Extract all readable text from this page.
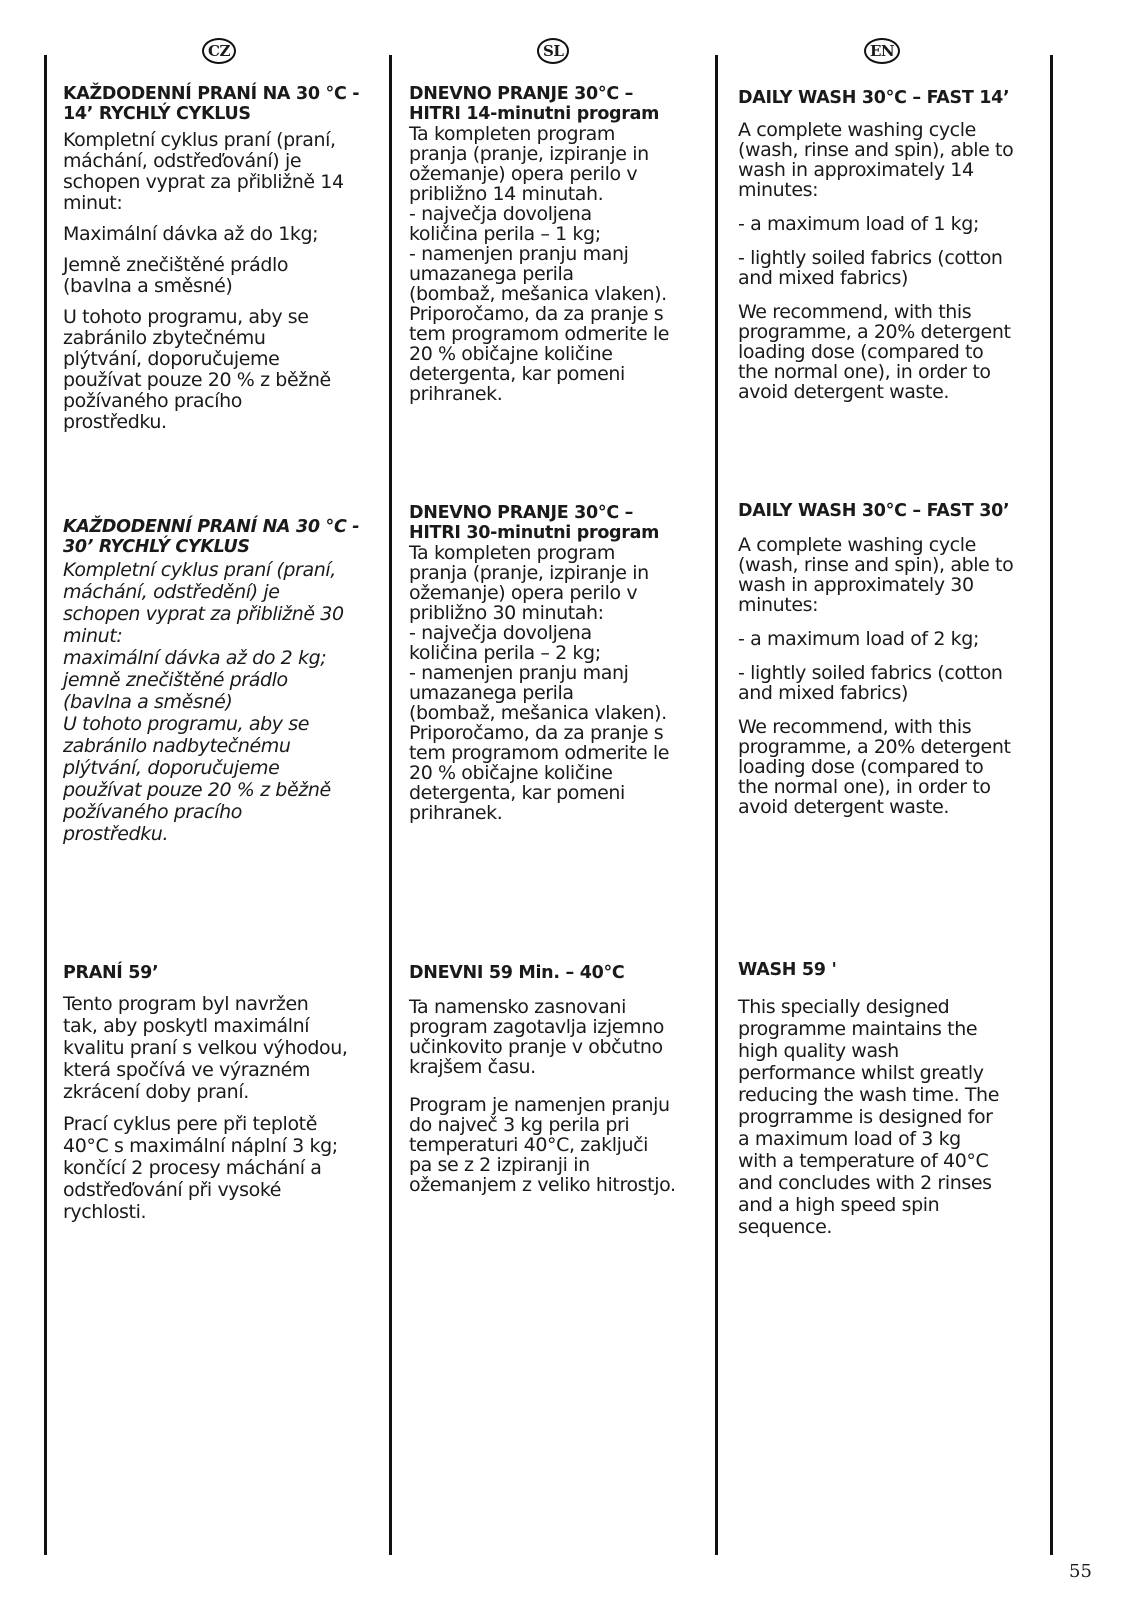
CZ	SL	EN

KAŽDODENNÍ PRANÍ NA 30 °C -
14’ RYCHLÝ CYKLUS

Kompletní cyklus praní (praní,
máchání, odstřeďování) je
schopen vyprat za přibližně 14
minut:

Maximální dávka až do 1kg;

Jemně znečištěné prádlo
(bavlna a směsné)

U tohoto programu, aby se
zabránilo zbytečnému
plýtvání, doporučujeme
používat pouze 20 % z běžně
požívaného pracího
prostředku.

KAŽDODENNÍ PRANÍ NA 30 °C -
30’ RYCHLÝ CYKLUS

Kompletní cyklus praní (praní,
máchání, odstředění) je
schopen vyprat za přibližně 30
minut:
maximální dávka až do 2 kg;
jemně znečištěné prádlo
(bavlna a směsné)
U tohoto programu, aby se
zabránilo nadbytečnému
plýtvání, doporučujeme
používat pouze 20 % z běžně
požívaného pracího
prostředku.

PRANÍ 59’

Tento program byl navržen
tak, aby poskytl maximální
kvalitu praní s velkou výhodou,
která spočívá ve výrazném
zkrácení doby praní.

Prací cyklus pere při teplotě
40°C s maximální náplní 3 kg;
končící 2 procesy máchání a
odstřeďování při vysoké
rychlosti.

DNEVNO PRANJE 30°C –
HITRI 14-minutni program

Ta kompleten program
pranja (pranje, izpiranje in
ožemanje) opera perilo v
približno 14 minutah.
- največja dovoljena
količina perila – 1 kg;
- namenjen pranju manj
umazanega perila
(bombaž, mešanica vlaken).
Priporočamo, da za pranje s
tem programom odmerite le
20 % običajne količine
detergenta, kar pomeni
prihranek.

DNEVNO PRANJE 30°C –
HITRI 30-minutni program

Ta kompleten program
pranja (pranje, izpiranje in
ožemanje) opera perilo v
približno 30 minutah:
- največja dovoljena
količina perila – 2 kg;
- namenjen pranju manj
umazanega perila
(bombaž, mešanica vlaken).
Priporočamo, da za pranje s
tem programom odmerite le
20 % običajne količine
detergenta, kar pomeni
prihranek.

DNEVNI 59 Min. – 40°C

Ta namensko zasnovani
program zagotavlja izjemno
učinkovito pranje v občutno
krajšem času.

Program je namenjen pranju
do največ 3 kg perila pri
temperaturi 40°C, zaključi
pa se z 2 izpiranji in
ožemanjem z veliko hitrostjo.

DAILY WASH 30°C – FAST 14’

A complete washing cycle
(wash, rinse and spin), able to
wash in approximately 14
minutes:

- a maximum load of 1 kg;

- lightly soiled fabrics (cotton
and mixed fabrics)

We recommend, with this
programme, a 20% detergent
loading dose (compared to
the normal one), in order to
avoid detergent waste.

DAILY WASH 30°C – FAST 30’

A complete washing cycle
(wash, rinse and spin), able to
wash in approximately 30
minutes:

- a maximum load of 2 kg;

- lightly soiled fabrics (cotton
and mixed fabrics)

We recommend, with this
programme, a 20% detergent
loading dose (compared to
the normal one), in order to
avoid detergent waste.

WASH 59 '

This specially designed
programme maintains the
high quality wash
performance whilst greatly
reducing the wash time. The
progrramme is designed for
a maximum load of 3 kg
with a temperature of 40°C
and concludes with 2 rinses
and a high speed spin
sequence.

55
